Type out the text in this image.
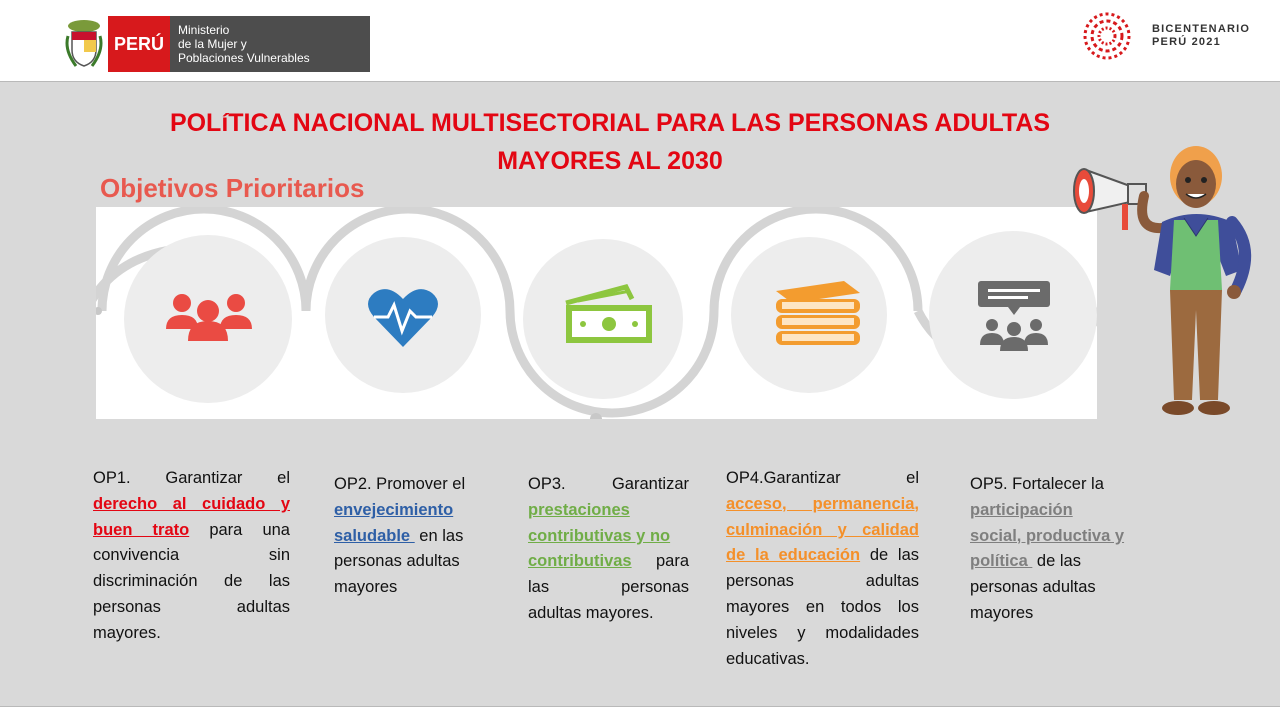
PERÚ
Ministerio
de la Mujer y
Poblaciones Vulnerables
BICENTENARIO
PERÚ 2021
POLíTICA NACIONAL MULTISECTORIAL PARA LAS PERSONAS ADULTAS
MAYORES AL 2030
Objetivos Prioritarios
OP1. Garantizar el
derecho al cuidado y
buen trato para una
convivencia sin
discriminación de las
personas adultas
mayores.
OP2. Promover el
envejecimiento
saludable  en las
personas adultas
mayores
OP3. Garantizar
prestaciones
contributivas y no
contributivas para
las personas
adultas mayores.
OP4.Garantizar el
acceso, permanencia,
culminación y calidad
de la educación de las
personas adultas
mayores en todos los
niveles y modalidades
educativas.
OP5. Fortalecer la
participación
social, productiva y
política  de las
personas adultas
mayores
